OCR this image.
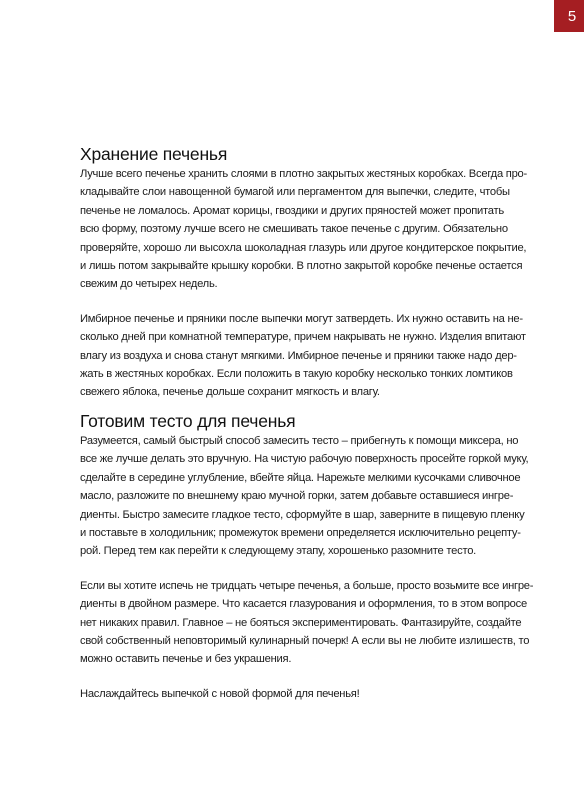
5
Хранение печенья

Лучше всего печенье хранить слоями в плотно закрытых жестяных коробках. Всегда про-
кладывайте слои навощенной бумагой или пергаментом для выпечки, следите, чтобы
печенье не ломалось. Аромат корицы, гвоздики и других пряностей может пропитать
всю форму, поэтому лучше всего не смешивать такое печенье с другим. Обязательно
проверяйте, хорошо ли высохла шоколадная глазурь или другое кондитерское покрытие,
и лишь потом закрывайте крышку коробки. В плотно закрытой коробке печенье остается
свежим до четырех недель.

Имбирное печенье и пряники после выпечки могут затвердеть. Их нужно оставить на не-
сколько дней при комнатной температуре, причем накрывать не нужно. Изделия впитают
влагу из воздуха и снова станут мягкими. Имбирное печенье и пряники также надо дер-
жать в жестяных коробках. Если положить в такую коробку несколько тонких ломтиков
свежего яблока, печенье дольше сохранит мягкость и влагу.

Готовим тесто для печенья

Разумеется, самый быстрый способ замесить тесто – прибегнуть к помощи миксера, но
все же лучше делать это вручную. На чистую рабочую поверхность просейте горкой муку,
сделайте в середине углубление, вбейте яйца. Нарежьте мелкими кусочками сливочное
масло, разложите по внешнему краю мучной горки, затем добавьте оставшиеся ингре-
диенты. Быстро замесите гладкое тесто, сформуйте в шар, заверните в пищевую пленку
и поставьте в холодильник; промежуток времени определяется исключительно рецепту-
рой. Перед тем как перейти к следующему этапу, хорошенько разомните тесто.

Если вы хотите испечь не тридцать четыре печенья, а больше, просто возьмите все ингре-
диенты в двойном размере. Что касается глазурования и оформления, то в этом вопросе
нет никаких правил. Главное – не бояться экспериментировать. Фантазируйте, создайте
свой собственный неповторимый кулинарный почерк! А если вы не любите излишеств, то
можно оставить печенье и без украшения.

Наслаждайтесь выпечкой с новой формой для печенья!
